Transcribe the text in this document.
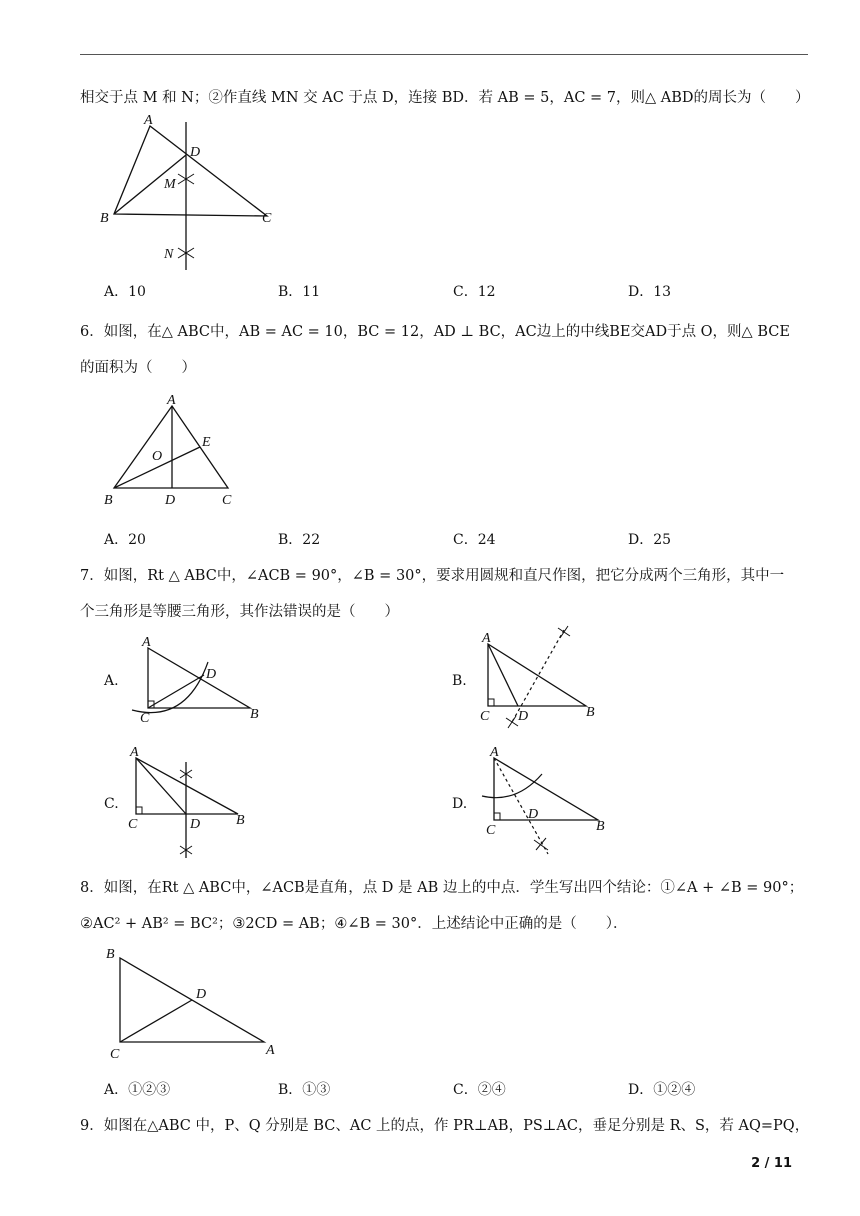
相交于点 M 和 N；②作直线 MN 交 AC 于点 D，连接 BD．若 AB = 5，AC = 7，则△ ABD的周长为（　　）
A
D
M
B	C
N
A．10	B．11	C．12	D．13
6．如图，在△ ABC中，AB = AC = 10，BC = 12，AD ⊥ BC，AC边上的中线BE交AD于点 O，则△ BCE
的面积为（　　）
A
E
O
B	D	C
A．20	B．22	C．24	D．25
7．如图，Rt △ ABC中，∠ACB = 90°，∠B = 30°，要求用圆规和直尺作图，把它分成两个三角形，其中一
个三角形是等腰三角形，其作法错误的是（　　）
A.
A
D
C	B
B.
A
C D	B
C.
A
C	D	B
D.
A
D
C	B
8．如图，在Rt △ ABC中，∠ACB是直角，点 D 是 AB 边上的中点．学生写出四个结论：①∠A + ∠B = 90°；
②AC² + AB² = BC²；③2CD = AB；④∠B = 30°．上述结论中正确的是（　　）．
B
D
C	A
A．①②③	B．①③	C．②④	D．①②④
9．如图在△ABC 中，P、Q 分别是 BC、AC 上的点，作 PR⊥AB，PS⊥AC，垂足分别是 R、S，若 AQ=PQ，
2 / 11
